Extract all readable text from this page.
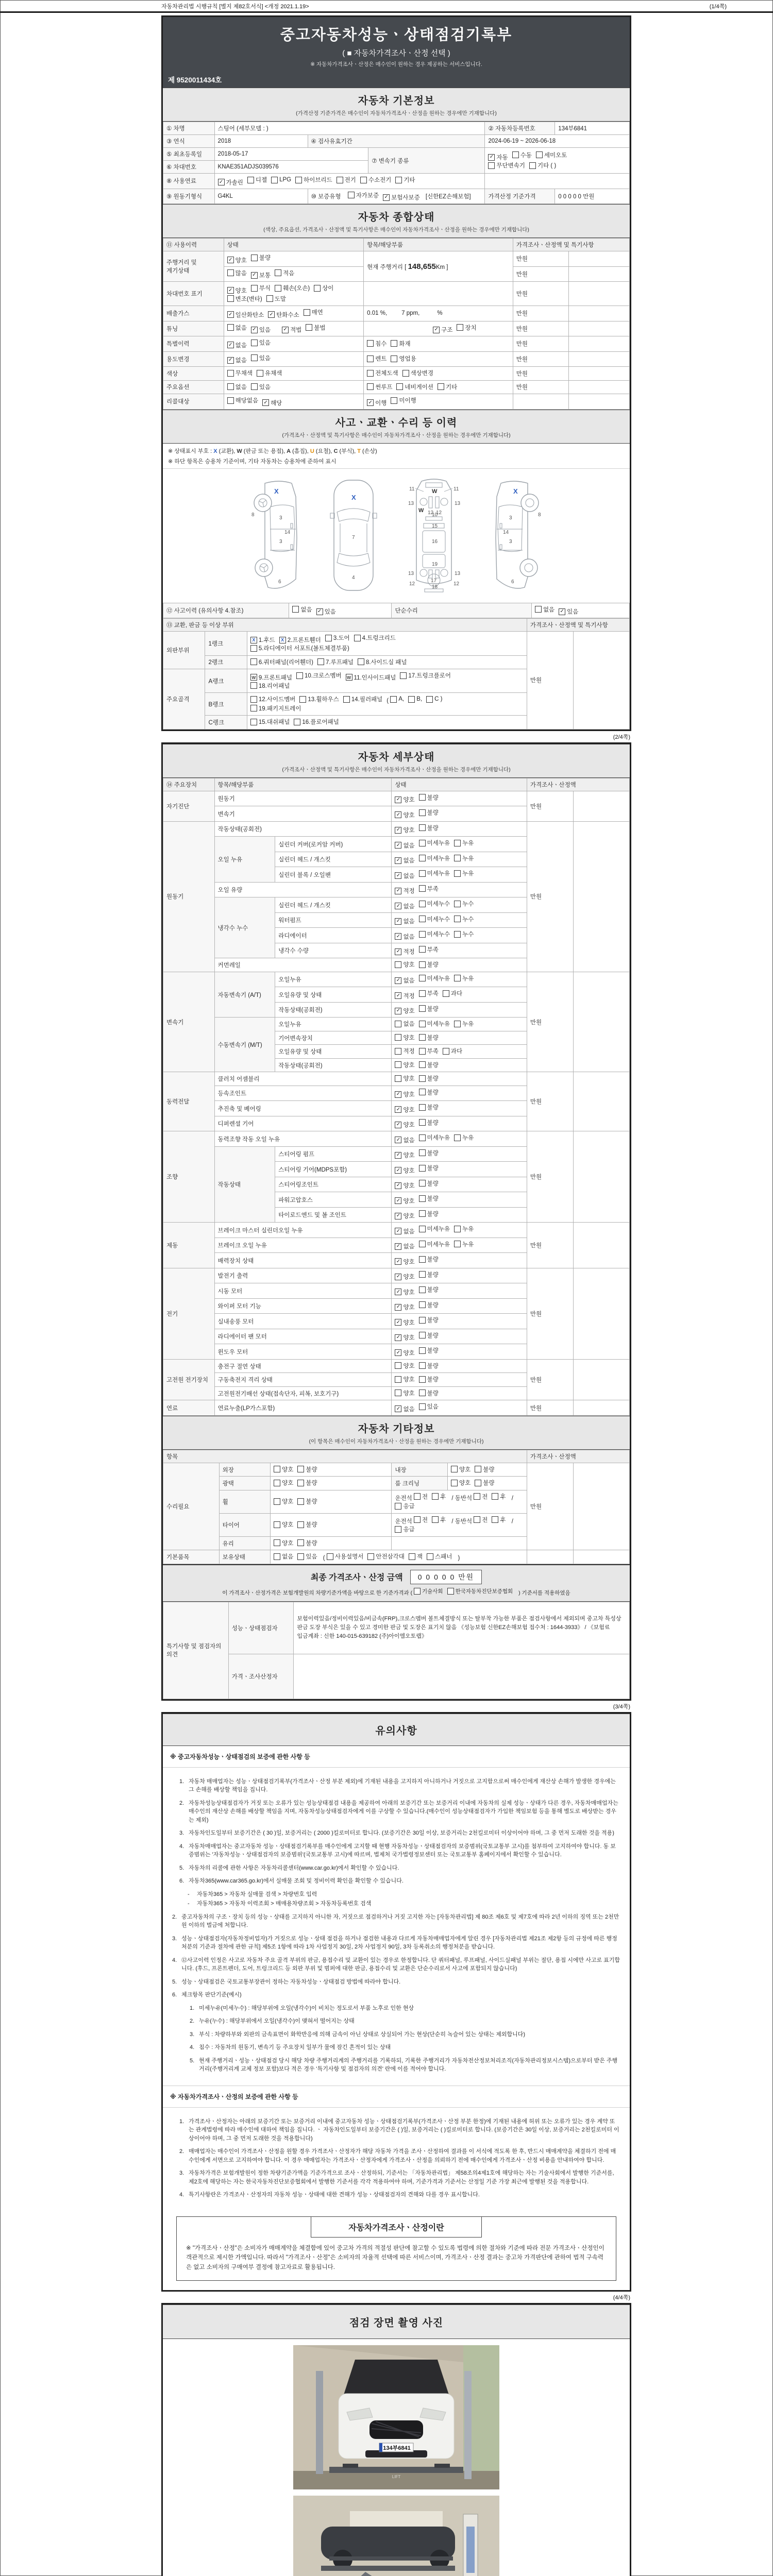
자동차관리법 시행규칙 [별지 제82호서식] <개정 2021.1.19>	(1/4쪽)
중고자동차성능ㆍ상태점검기록부
( ■ 자동차가격조사ㆍ산정 선택 )
※ 자동차가격조사ㆍ산정은 매수인이 원하는 경우 제공하는 서비스입니다.
제 9520011434호
자동차 기본정보
(가격산정 기준가격은 매수인이 자동차가격조사ㆍ산정을 원하는 경우에만 기재합니다)
① 차명	스팅어 (세부모델 : )			② 자동차등록번호	134부6841
③ 연식	2018	④ 검사유효기간		2024-06-19 ~ 2026-06-18	
⑤ 최초등록일	2018-05-17	⑦ 변속기 종류	
✓ 자동 수동 세미오토

무단변속기 기타 ( )

⑥ 차대번호	KNAE351ADJS039576				
⑧ 사용연료	✓ 가솔린 디젤 LPG 하이브리드 전기 수소전기 기타

⑨ 원동기형식	G4KL	⑩ 보증유형 자가보증 ✓ 보험사보증 [신한EZ손해보험]		가격산정 기준가격	0 0 0 0 0 만원
자동차 종합상태
(색상, 주요옵션, 가격조사ㆍ산정액 및 특기사항은 매수인이 자동차가격조사ㆍ산정을 원하는 경우에만 기재합니다)
⑪ 사용이력	상태	항목/해당부품	가격조사ㆍ산정액 및 특기사항	
주행거리 및 계기상태	✓ 양호 불량	현재 주행거리 [ 148,655Km ]	만원	

	많음 ✓ 보통 적음		만원	
차대번호 표기	
✓ 양호 부식 훼손(오손) 상이
변조(변타) 도말
		만원	
배출가스	✓ 일산화탄소 ✓ 탄화수소 매연	0.01 %, 7 ppm, %	만원	
튜닝	없음 ✓ 있음 ✓ 적법 불법	✓ 구조 장치	만원	
특별이력	✓ 없음 있음	침수 화재	만원	
용도변경	✓ 없음 있음	렌트 영업용	만원	
색상	무채색 유채색	전체도색 색상변경	만원	
주요옵션	없음 있음	썬루프 네비게이션 기타	만원	
리콜대상	해당없음 ✓ 해당	✓ 이행 미이행		

사고ㆍ교환ㆍ수리 등 이력
(가격조사ㆍ산정액 및 특기사항은 매수인이 자동차가격조사ㆍ산정을 원하는 경우에만 기재합니다)
※ 상태표시 부호 : X (교환), W (판금 또는 용접), A (흠집), U (요철), C (부식), T (손상)
※ 하단 항목은 승용차 기준이며, 기타 자동차는 승용차에 준하여 표시
X
8
3
14
3
6
X
7
4
W
11	11
13	13
W 12 12
10
15
16
19
13	13
12	12
17
18
X
8
3
14
3
6
⑫ 사고이력 (유의사항 4.참조)	없음 ✓ 있음	단순수리	없음 ✓ 있음
⑬ 교환, 판금 등 이상 부위			가격조사ㆍ산정액 및 특기사항	
외판부위	1랭크	
X 1.후드	X 2.프론트휀더 3.도어 4.트렁크리드
5.라디에이터 서포트(볼트체결부품)
	만원	
	2랭크	6.쿼터패널(리어휀더) 7.루프패널 8.사이드실 패널		

주요골격	A랭크	
W 9.프론트패널 10.크로스멤버 W 11.인사이드패널 17.트렁크플로어
18.리어패널

B랭크	
12.사이드멤버 13.휠하우스 14.필러패널 ( A, B, C )
19.패키지트레이

	C랭크	15.대쉬패널 16.플로어패널		
(2/4쪽)
자동차 세부상태
(가격조사ㆍ산정액 및 특기사항은 매수인이 자동차가격조사ㆍ산정을 원하는 경우에만 기재합니다)
⑭ 주요장치	항목/해당부품		상태	가격조사ㆍ산정액	
자기진단	원동기		✓ 양호 불량	만원	
	변속기		✓ 양호 불량		

원동기	작동상태(공회전)		✓ 양호 불량	만원	
	오일 누유	실린더 커버(로커암 커버)	✓ 없음 미세누유 누유		

		실린더 헤드 / 개스킷	✓ 없음 미세누유 누유		

		실린더 블록 / 오일팬	✓ 없음 미세누유 누유		

	오일 유량		✓ 적정 부족		

	냉각수 누수	실린더 헤드 / 개스킷	✓ 없음 미세누수 누수		

		워터펌프	✓ 없음 미세누수 누수		

		라디에이터	✓ 없음 미세누수 누수		

		냉각수 수량	✓ 적정 부족		

	커먼레일		양호 불량		

변속기	자동변속기 (A/T)	오일누유	✓ 없음 미세누유 누유	만원	
		오일유량 및 상태	✓ 적정 부족 과다		

		작동상태(공회전)	✓ 양호 불량		

	수동변속기 (M/T)	오일누유	없음 미세누유 누유		

		기어변속장치	양호 불량		

		오일유량 및 상태	적정 부족 과다		

		작동상태(공회전)	양호 불량		

동력전달	클러치 어셈블리		양호 불량	만원	
	등속조인트		✓ 양호 불량		

	추진축 및 베어링		✓ 양호 불량		

	디퍼렌셜 기어		✓ 양호 불량		

조향	동력조향 작동 오일 누유		✓ 없음 미세누유 누유	만원	
	작동상태	스티어링 펌프	✓ 양호 불량		

		스티어링 기어(MDPS포함)	✓ 양호 불량		

		스티어링조인트	✓ 양호 불량		

		파워고압호스	✓ 양호 불량		

		타이로드엔드 및 볼 조인트	✓ 양호 불량		

제동	브레이크 마스터 실린더오일 누유		✓ 없음 미세누유 누유	만원	
	브레이크 오일 누유		✓ 없음 미세누유 누유		

	배력장치 상태		✓ 양호 불량		

전기	발전기 출력		✓ 양호 불량	만원	
	시동 모터		✓ 양호 불량		

	와이퍼 모터 기능		✓ 양호 불량		

	실내송풍 모터		✓ 양호 불량		

	라디에이터 팬 모터		✓ 양호 불량		

	윈도우 모터		✓ 양호 불량		

고전원 전기장치	충전구 절연 상태		양호 불량	만원	
	구동축전지 격리 상태		양호 불량		

	고전원전기배선 상태(접속단자, 피복, 보호기구)		양호 불량		

연료	연료누출(LP가스포함)		✓ 없음 있음	만원	
자동차 기타정보
(이 항목은 매수인이 자동차가격조사ㆍ산정을 원하는 경우에만 기재합니다)
항목					가격조사ㆍ산정액	
수리필요	외장	양호 불량	내장	양호 불량	만원	
	광택	양호 불량	룸 크리닝	양호 불량		

휠	양호 불량
	운전석 전 후 / 동반석 전 후 /
응급

타이어	양호 불량
	운전석 전 후 / 동반석 전 후 /
응급

	유리	양호 불량				

기본품목	보유상태	없음 있음 ( 사용설명서 안전삼각대 잭 스패너 )		
최종 가격조사ㆍ산정 금액	0 0 0 0 0 만원
이 가격조사ㆍ산정가격은 보험개발원의 차량기준가액을 바탕으로 한 기준가격과 ( 기술사회 한국자동차진단보증협회 ) 기준서를 적용하였음
특기사항 및 점검자의 의견	성능ㆍ상태점검자	보험이력있음/정비이력있음/비금속(FRP),크로스멤버 볼트체결방식 또는 탈부착 가능한 부품은 점검사항에서 제외되며 중고차 특성상 판금 도장 부식은 있을 수 있고 경미한 판금 및 도장은 표기치 않음 《성능보험 신한EZ손해보험 접수처 : 1644-3933》 / 《보험료 입금계좌 : 신한 140-015-639182 (주)아이엠오토랩》
	가격ㆍ조사산정자	
(3/4쪽)
유의사항
※ 중고자동차성능ㆍ상태점검의 보증에 관한 사항 등
1. 자동차 매매업자는 성능ㆍ상태점검기록부(가격조사ㆍ산정 부분 제외)에 기재된 내용을 고지하지 아니하거나 거짓으로 고지함으로써 매수인에게 재산상 손해가 발생한 경우에는 그 손해를 배상할 책임을 집니다.
2. 자동차성능상태점검자가 거짓 또는 오류가 있는 성능상태점검 내용을 제공하여 아래의 보증기간 또는 보증거리 이내에 자동차의 실제 성능ㆍ상태가 다른 경우, 자동차매매업자는 매수인의 재산상 손해를 배상할 책임을 지며, 자동차성능상태점검자에게 이를 구상할 수 있습니다.(매수인이 성능상태점검자가 가입한 책임보험 등을 통해 별도로 배상받는 경우는 제외)
3. 자동차인도일부터 보증기간은 ( 30 )일, 보증거리는 ( 2000 )킬로미터로 합니다. (보증기간은 30일 이상, 보증거리는 2천킬로미터 이상이어야 하며, 그 중 먼저 도래한 것을 적용)
4. 자동차매매업자는 중고자동차 성능ㆍ상태점검기록부를 매수인에게 고지할 때 현행 자동차성능ㆍ상태점검자의 보증범위(국토교통부 고시)를 첨부하여 고지하여야 합니다. 동 보증범위는 '자동차성능ㆍ상태점검자의 보증범위'(국토교통부 고시)에 따르며, 법제처 국가법령정보센터 또는 국토교통부 홈페이지에서 확인할 수 있습니다.
5. 자동차의 리콜에 관한 사항은 자동차리콜센터(www.car.go.kr)에서 확인할 수 있습니다.
6. 자동차365(www.car365.go.kr)에서 실매물 조회 및 정비이력 확인을 확인할 수 있습니다.
-	자동차365 > 자동차 실매물 검색 > 차량번호 입력
-	자동차365 > 자동차 이력조회 > 매매용차량조회 > 자동차등록번호 검색
2. 중고자동차의 구조ㆍ장치 등의 성능ㆍ상태를 고지하지 아니한 자, 거짓으로 점검하거나 거짓 고지한 자는 [자동차관리법] 제 80조 제6호 및 제7호에 따라 2년 이하의 징역 또는 2천만원 이하의 벌금에 처합니다.
3. 성능ㆍ상태점검자(자동차정비업자)가 거짓으로 성능ㆍ상태 점검을 하거나 점검한 내용과 다르게 자동차매매업자에게 알린 경우 [자동차관리법 제21조 제2항 등의 규정에 따른 행정처분의 기준과 절차에 관한 규칙] 제5조 1항에 따라 1차 사업정지 30일, 2차 사업정지 90일, 3차 등록취소의 행정처분을 받습니다.
4. ⑫사고이력 인정은 사고로 자동차 주요 골격 부위의 판금, 용접수리 및 교환이 있는 경우로 한정합니다. 단 쿼터패널, 루프패널, 사이드실패널 부위는 절단, 용접 시에만 사고로 표기합니다. (후드, 프론트펜더, 도어, 트렁크리드 등 외판 부위 및 범퍼에 대한 판금, 용접수리 및 교환은 단순수리로서 사고에 포함되지 않습니다)
5. 성능ㆍ상태점검은 국토교통부장관이 정하는 자동차성능ㆍ상태점검 방법에 따라야 합니다.
6. 체크항목 판단기준(예시)
1. 미세누유(미세누수) : 해당부위에 오일(냉각수)이 비치는 정도로서 부품 노후로 인한 현상
2. 누유(누수) : 해당부위에서 오일(냉각수)이 맺혀서 떨어지는 상태
3. 부식 : 차량하부와 외판의 금속표면이 화학반응에 의해 금속이 아닌 상태로 상실되어 가는 현상(단순히 녹슬어 있는 상태는 제외합니다)
4. 침수 : 자동차의 원동기, 변속기 등 주요장치 일부가 물에 잠긴 흔적이 있는 상태
5. 현재 주행거리ㆍ성능ㆍ상태점검 당시 해당 차량 주행거리계의 주행거리를 기록하되, 기록한 주행거리가 자동차전산정보처리조직(자동차관리정보시스템)으로부터 받은 주행거리(주행거리계 교체 정보 포함)보다 적은 경우 '특기사항 및 점검자의 의견' 란에 이를 적어야 합니다.
※ 자동차가격조사ㆍ산정의 보증에 관한 사항 등
1. 가격조사ㆍ산정자는 아래의 보증기간 또는 보증거리 이내에 중고자동차 성능ㆍ상태점검기록부(가격조사ㆍ산정 부분 한정)에 기재된 내용에 허위 또는 오류가 있는 경우 계약 또는 관계법령에 따라 매수인에 대하여 책임을 집니다. ㆍ 자동차인도일부터 보증기간은 ( )일, 보증거리는 ( )킬로미터로 합니다. (보증기간은 30일 이상, 보증거리는 2천킬로미터 이상이어야 하며, 그 중 먼저 도래한 것을 적용합니다)
2. 매매업자는 매수인이 가격조사ㆍ산정을 원할 경우 가격조사ㆍ산정자가 해당 자동차 가격을 조사ㆍ산정하여 결과를 이 서식에 적도록 한 후, 반드시 매매계약을 체결하기 전에 매수인에게 서면으로 고지하여야 합니다. 이 경우 매매업자는 가격조사ㆍ산정자에게 가격조사ㆍ산정을 의뢰하기 전에 매수인에게 가격조사ㆍ산정 비용을 안내하여야 합니다.
3. 자동차가격은 보험개발원이 정한 차량기준가액을 기준가격으로 조사ㆍ산정하되, 기준서는 「자동차관리법」 제58조의4제1호에 해당하는 자는 기술사회에서 발행한 기준서를, 제2호에 해당하는 자는 한국자동차진단보증협회에서 발행한 기준서를 각각 적용하여야 하며, 기준가격과 기준서는 산정일 기준 가장 최근에 발행된 것을 적용합니다.
4. 특기사항란은 가격조사ㆍ산정자의 자동차 성능ㆍ상태에 대한 견해가 성능ㆍ상태점검자의 견해와 다를 경우 표시합니다.
자동차가격조사ㆍ산정이란
※ "가격조사ㆍ산정"은 소비자가 매매계약을 체결함에 있어 중고차 가격의 적절성 판단에 참고할 수 있도록 법령에 의한 절차와 기준에 따라 전문 가격조사ㆍ산정인이 객관적으로 제시한 가액입니다. 따라서 "가격조사ㆍ산정"은 소비자의 자율적 선택에 따른 서비스이며, 가격조사ㆍ산정 결과는 중고차 가격판단에 관하여 법적 구속력은 없고 소비자의 구매여부 결정에 참고자료로 활용됩니다.
(4/4쪽)
점검 장면 촬영 사진
134부6841
LIFT
